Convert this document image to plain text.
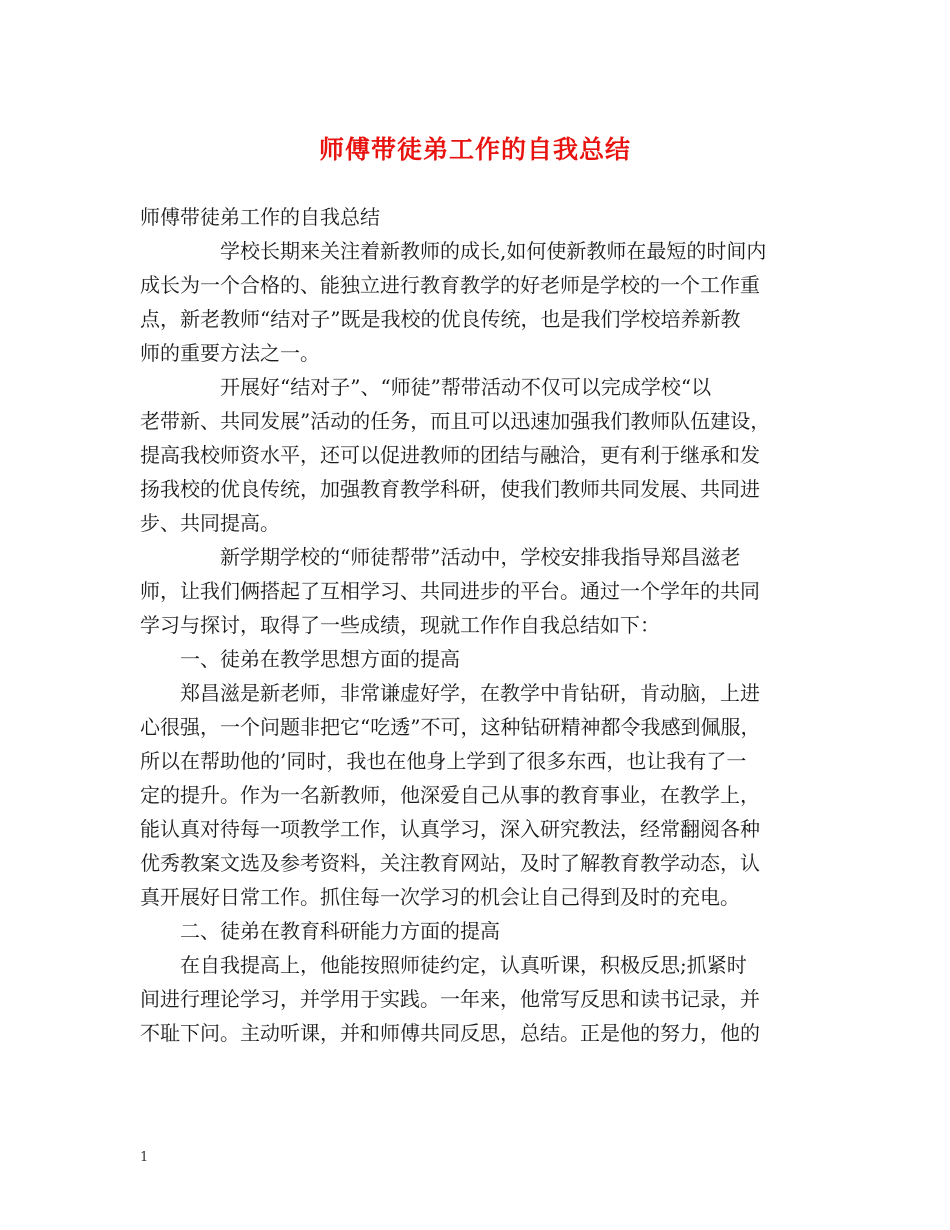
师傅带徒弟工作的自我总结
师傅带徒弟工作的自我总结
　　　　学校长期来关注着新教师的成长,如何使新教师在最短的时间内
成长为一个合格的、能独立进行教育教学的好老师是学校的一个工作重
点，新老教师“结对子”既是我校的优良传统，也是我们学校培养新教
师的重要方法之一。
　　　　开展好“结对子”、“师徒”帮带活动不仅可以完成学校“以
老带新、共同发展”活动的任务，而且可以迅速加强我们教师队伍建设，
提高我校师资水平，还可以促进教师的团结与融洽，更有利于继承和发
扬我校的优良传统，加强教育教学科研，使我们教师共同发展、共同进
步、共同提高。
　　　　新学期学校的“师徒帮带”活动中，学校安排我指导郑昌滋老
师，让我们俩搭起了互相学习、共同进步的平台。通过一个学年的共同
学习与探讨，取得了一些成绩，现就工作作自我总结如下：
　　一、徒弟在教学思想方面的提高
　　郑昌滋是新老师，非常谦虚好学，在教学中肯钻研，肯动脑，上进
心很强，一个问题非把它“吃透”不可，这种钻研精神都令我感到佩服，
所以在帮助他的’同时，我也在他身上学到了很多东西，也让我有了一
定的提升。作为一名新教师，他深爱自己从事的教育事业，在教学上，
能认真对待每一项教学工作，认真学习，深入研究教法，经常翻阅各种
优秀教案文选及参考资料，关注教育网站，及时了解教育教学动态，认
真开展好日常工作。抓住每一次学习的机会让自己得到及时的充电。
　　二、徒弟在教育科研能力方面的提高
　　在自我提高上，他能按照师徒约定，认真听课，积极反思;抓紧时
间进行理论学习，并学用于实践。一年来，他常写反思和读书记录，并
不耻下问。主动听课，并和师傅共同反思，总结。正是他的努力，他的
1
